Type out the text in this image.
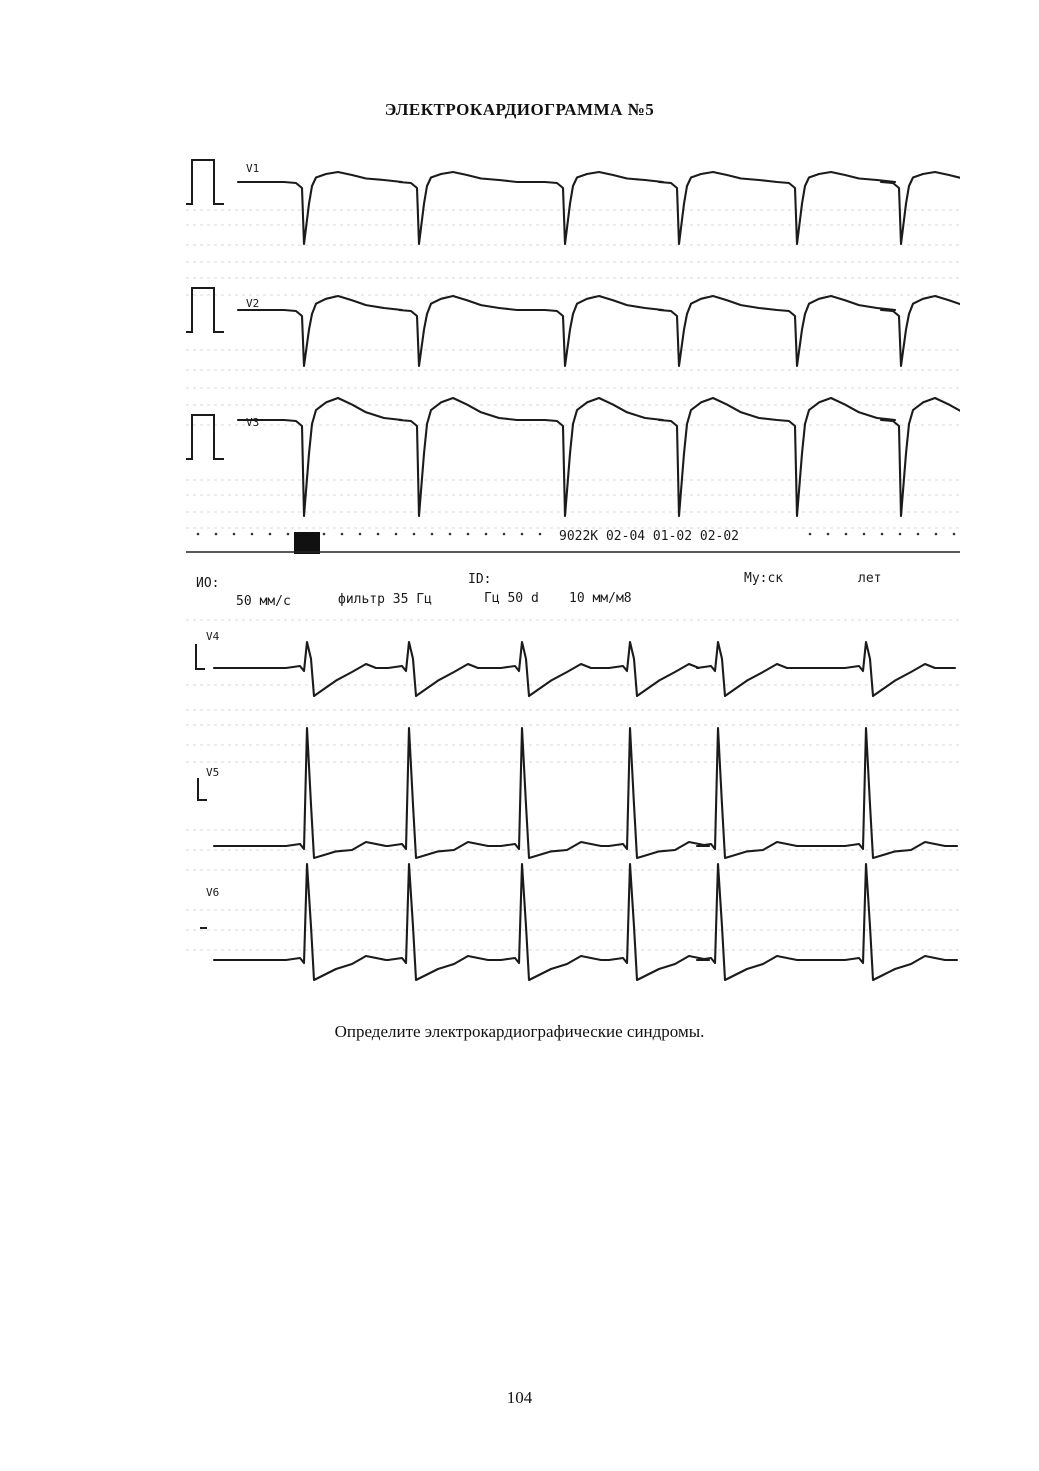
ЭЛЕКТРОКАРДИОГРАММА №5
V1
V2
V3
9022K 02-04 01-02 02-02
ИО:	ID:	Му:ск	лет
50 мм/с	фильтр 35 Гц	Гц 50 d 10 мм/м8
V4
V5
V6
Определите электрокардиографические синдромы.
104
